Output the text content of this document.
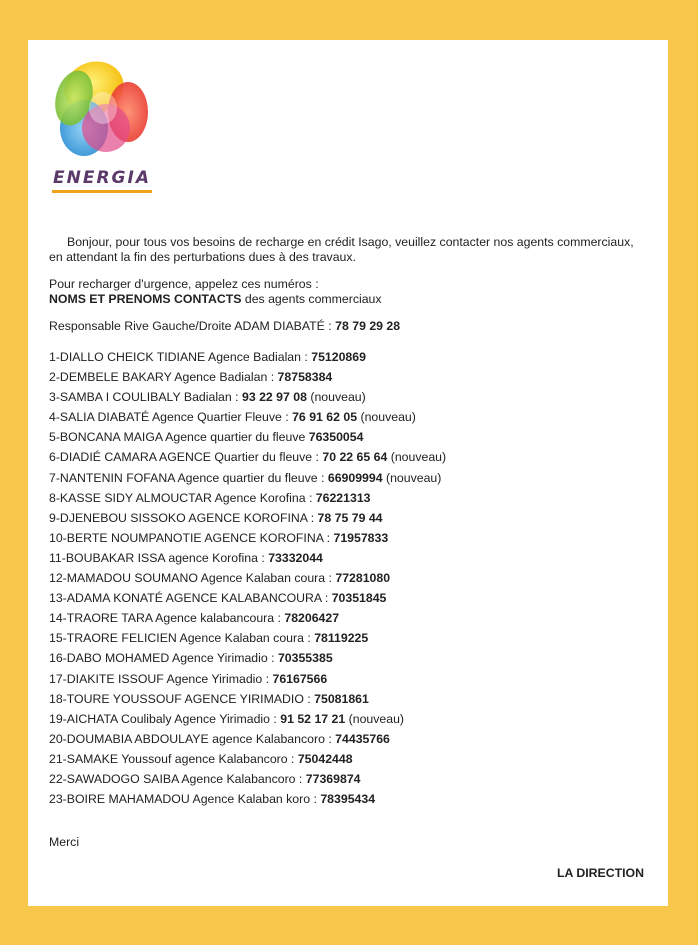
ENERGIA

Bonjour, pour tous vos besoins de recharge en crédit Isago, veuillez contacter nos agents commerciaux, en attendant la fin des perturbations dues à des travaux.

Pour recharger d'urgence, appelez ces numéros :
NOMS ET PRENOMS CONTACTS des agents commerciaux
Responsable Rive Gauche/Droite ADAM DIABATÉ : 78 79 29 28
1-DIALLO CHEICK TIDIANE Agence Badialan : 75120869
2-DEMBELE BAKARY Agence Badialan : 78758384
3-SAMBA I COULIBALY Badialan : 93 22 97 08 (nouveau)
4-SALIA DIABATÉ Agence Quartier Fleuve : 76 91 62 05 (nouveau)
5-BONCANA MAIGA Agence quartier du fleuve 76350054
6-DIADIÉ CAMARA AGENCE Quartier du fleuve : 70 22 65 64 (nouveau)
7-NANTENIN FOFANA Agence quartier du fleuve : 66909994 (nouveau)
8-KASSE SIDY ALMOUCTAR Agence Korofina : 76221313
9-DJENEBOU SISSOKO AGENCE KOROFINA : 78 75 79 44
10-BERTE NOUMPANOTIE AGENCE KOROFINA : 71957833
11-BOUBAKAR ISSA agence Korofina : 73332044
12-MAMADOU SOUMANO Agence Kalaban coura : 77281080
13-ADAMA KONATÉ AGENCE KALABANCOURA : 70351845
14-TRAORE TARA Agence kalabancoura : 78206427
15-TRAORE FELICIEN Agence Kalaban coura : 78119225
16-DABO MOHAMED Agence Yirimadio : 70355385
17-DIAKITE ISSOUF Agence Yirimadio : 76167566
18-TOURE YOUSSOUF AGENCE YIRIMADIO : 75081861
19-AICHATA Coulibaly Agence Yirimadio : 91 52 17 21 (nouveau)
20-DOUMABIA ABDOULAYE agence Kalabancoro : 74435766
21-SAMAKE Youssouf agence Kalabancoro : 75042448
22-SAWADOGO SAIBA Agence Kalabancoro : 77369874
23-BOIRE MAHAMADOU Agence Kalaban koro : 78395434
Merci
LA DIRECTION
